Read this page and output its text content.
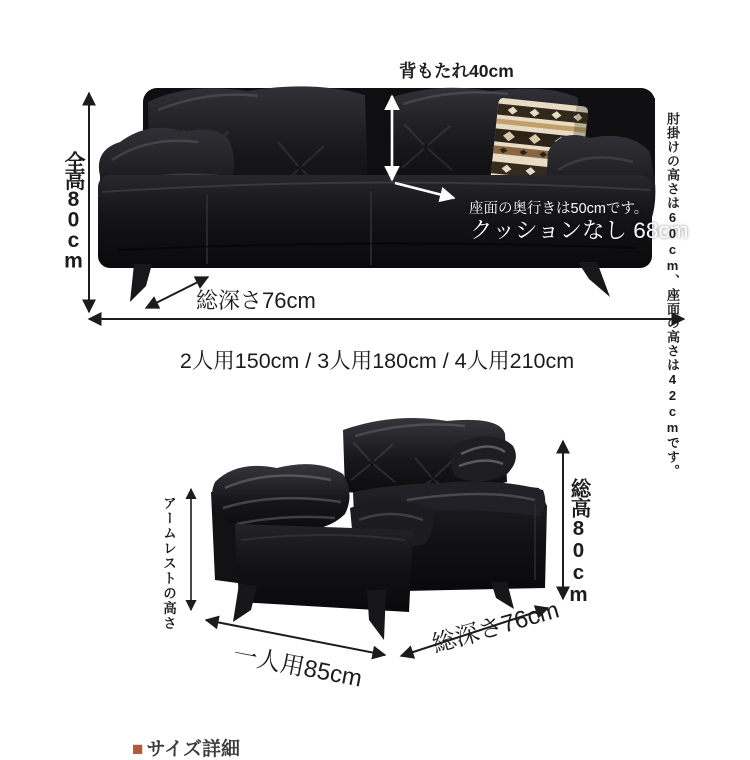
背もたれ40cm
全高80cm	座面の奥行きは50cmです。
クッションなし 68cm
総深さ76cm
2人用150cm / 3人用180cm / 4人用210cm	肘掛けの高さは60cm、座面の高さは42cmです。
アームレストの高さ	総高80cm
一人用85cm
総深さ76cm
■ サイズ詳細
